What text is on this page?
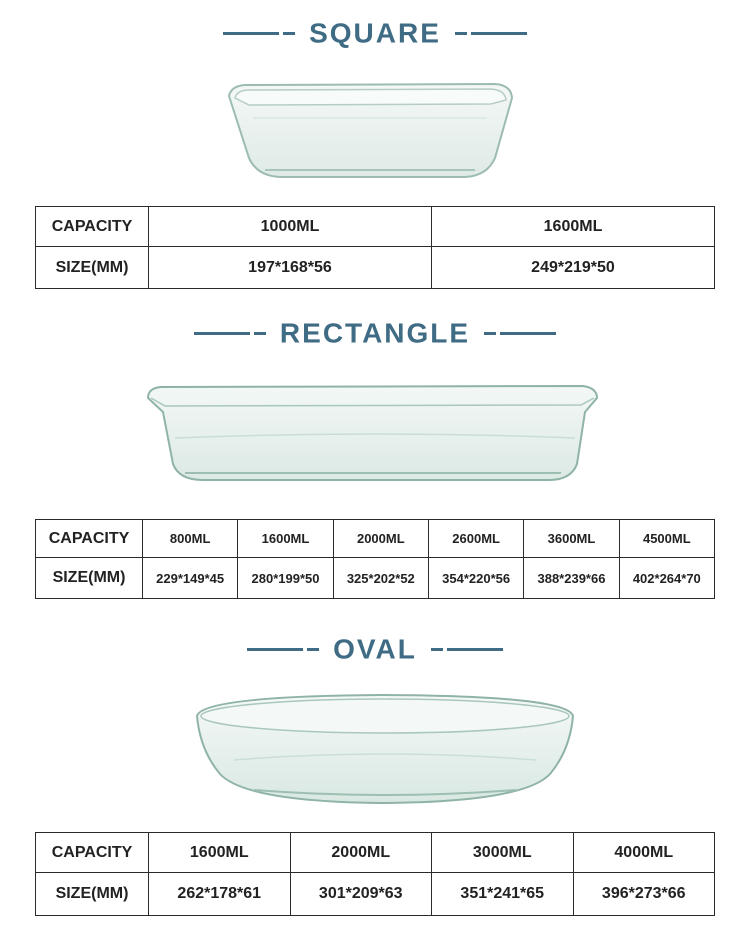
SQUARE
CAPACITY	1000ML	1600ML
SIZE(MM)	197*168*56	249*219*50
RECTANGLE
CAPACITY	800ML	1600ML	2000ML	2600ML	3600ML	4500ML
SIZE(MM)	229*149*45	280*199*50	325*202*52	354*220*56	388*239*66	402*264*70
OVAL
CAPACITY	1600ML	2000ML	3000ML	4000ML
SIZE(MM)	262*178*61	301*209*63	351*241*65	396*273*66
